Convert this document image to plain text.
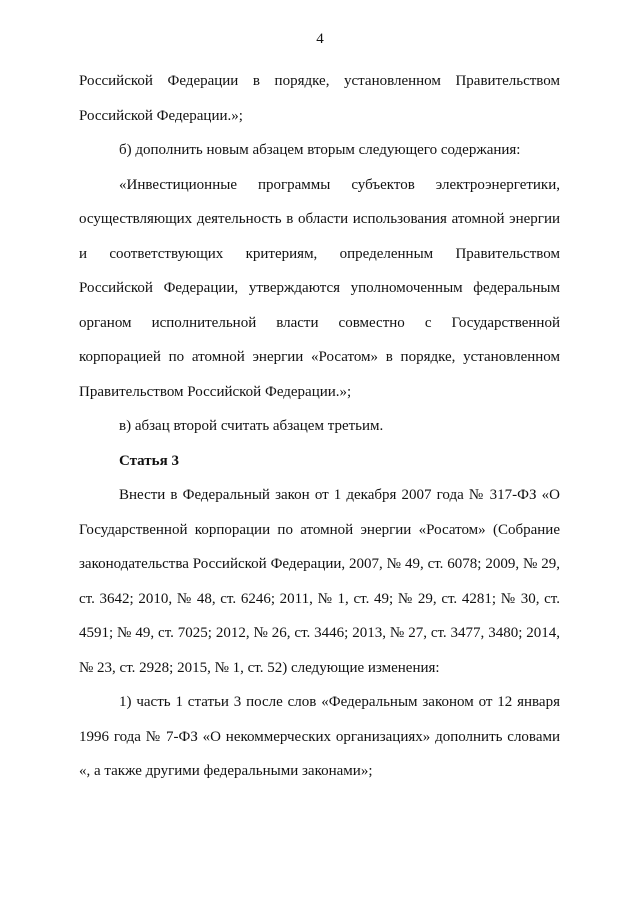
4

Российской Федерации в порядке, установленном Правительством Российской Федерации.»;

б) дополнить новым абзацем вторым следующего содержания:

«Инвестиционные программы субъектов электроэнергетики, осуществляющих деятельность в области использования атомной энергии и соответствующих критериям, определенным Правительством Российской Федерации, утверждаются уполномоченным федеральным органом исполнительной власти совместно с Государственной корпорацией по атомной энергии «Росатом» в порядке, установленном Правительством Российской Федерации.»;

в) абзац второй считать абзацем третьим.

Статья 3

Внести в Федеральный закон от 1 декабря 2007 года № 317-ФЗ «О Государственной корпорации по атомной энергии «Росатом» (Собрание законодательства Российской Федерации, 2007, № 49, ст. 6078; 2009, № 29, ст. 3642; 2010, № 48, ст. 6246; 2011, № 1, ст. 49; № 29, ст. 4281; № 30, ст. 4591; № 49, ст. 7025; 2012, № 26, ст. 3446; 2013, № 27, ст. 3477, 3480; 2014, № 23, ст. 2928; 2015, № 1, ст. 52) следующие изменения:

1) часть 1 статьи 3 после слов «Федеральным законом от 12 января 1996 года № 7-ФЗ «О некоммерческих организациях» дополнить словами «, а также другими федеральными законами»;
